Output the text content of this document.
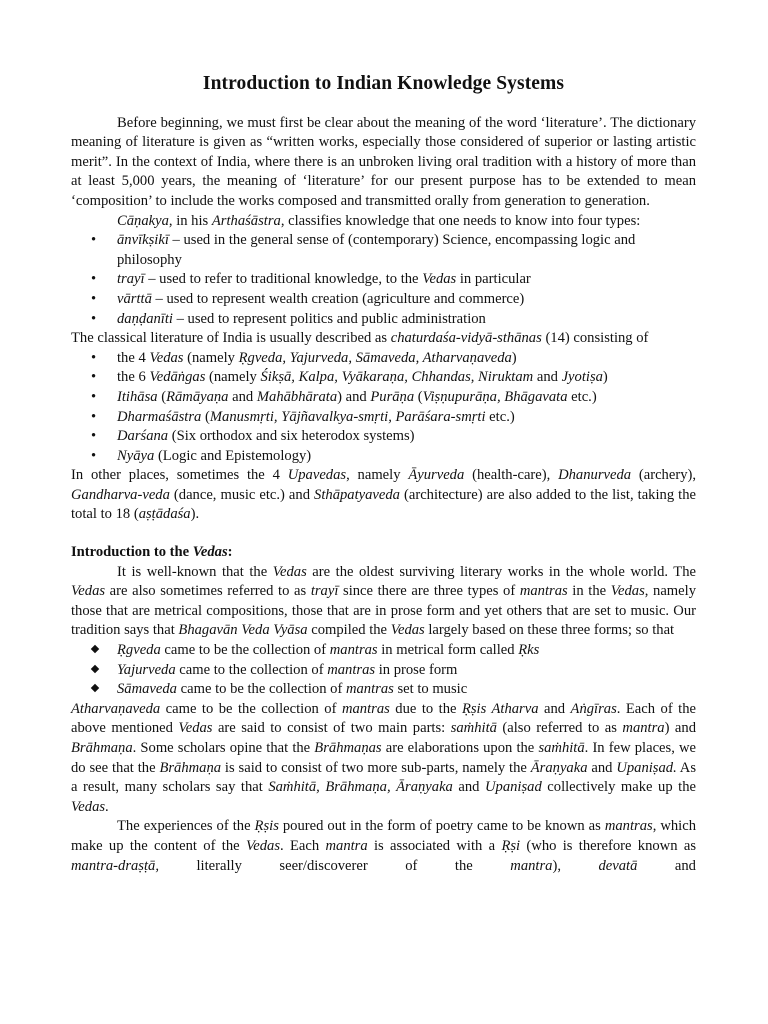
Introduction to Indian Knowledge Systems

Before beginning, we must first be clear about the meaning of the word ‘literature’. The dictionary meaning of literature is given as “written works, especially those considered of superior or lasting artistic merit”. In the context of India, where there is an unbroken living oral tradition with a history of more than at least 5,000 years, the meaning of ‘literature’ for our present purpose has to be extended to mean ‘composition’ to include the works composed and transmitted orally from generation to generation.

Cāṇakya, in his Arthaśāstra, classifies knowledge that one needs to know into four types:

•	ānvīkṣikī – used in the general sense of (contemporary) Science, encompassing logic and philosophy
•	trayī – used to refer to traditional knowledge, to the Vedas in particular
•	vārttā – used to represent wealth creation (agriculture and commerce)
•	daṇḍanīti – used to represent politics and public administration

The classical literature of India is usually described as chaturdaśa-vidyā-sthānas (14) consisting of

•	the 4 Vedas (namely Ṛgveda, Yajurveda, Sāmaveda, Atharvaṇaveda)
•	the 6 Vedāṅgas (namely Śikṣā, Kalpa, Vyākaraṇa, Chhandas, Niruktam and Jyotiṣa)
•	Itihāsa (Rāmāyaṇa and Mahābhārata) and Purāṇa (Viṣṇupurāṇa, Bhāgavata etc.)
•	Dharmaśāstra (Manusmṛti, Yājñavalkya-smṛti, Parāśara-smṛti etc.)
•	Darśana (Six orthodox and six heterodox systems)
•	Nyāya (Logic and Epistemology)

In other places, sometimes the 4 Upavedas, namely Āyurveda (health-care), Dhanurveda (archery), Gandharva-veda (dance, music etc.) and Sthāpatyaveda (architecture) are also added to the list, taking the total to 18 (aṣṭādaśa).

Introduction to the Vedas:

It is well-known that the Vedas are the oldest surviving literary works in the whole world. The Vedas are also sometimes referred to as trayī since there are three types of mantras in the Vedas, namely those that are metrical compositions, those that are in prose form and yet others that are set to music. Our tradition says that Bhagavān Veda Vyāsa compiled the Vedas largely based on these three forms; so that

Ṛgveda came to be the collection of mantras in metrical form called Ṛks
Yajurveda came to the collection of mantras in prose form
Sāmaveda came to be the collection of mantras set to music

Atharvaṇaveda came to be the collection of mantras due to the Ṛṣis Atharva and Aṅgīras. Each of the above mentioned Vedas are said to consist of two main parts: saṁhitā (also referred to as mantra) and Brāhmaṇa. Some scholars opine that the Brāhmaṇas are elaborations upon the saṁhitā. In few places, we do see that the Brāhmaṇa is said to consist of two more sub-parts, namely the Āraṇyaka and Upaniṣad. As a result, many scholars say that Saṁhitā, Brāhmaṇa, Āraṇyaka and Upaniṣad collectively make up the Vedas.

The experiences of the Ṛṣis poured out in the form of poetry came to be known as mantras, which make up the content of the Vedas. Each mantra is associated with a Ṛṣi (who is therefore known as mantra-draṣṭā, literally seer/discoverer of the mantra), devatā and
